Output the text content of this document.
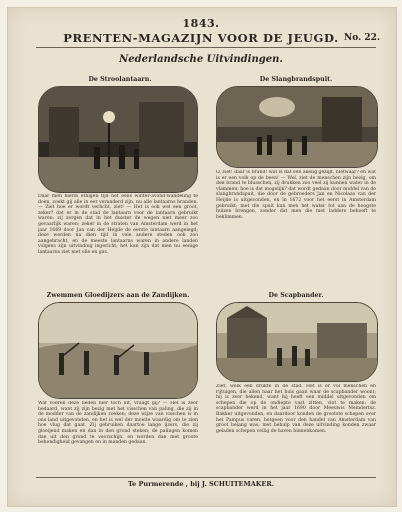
1843.
PRENTEN-MAGAZIJN VOOR DE JEUGD. No. 22.
Nederlandsche Uitvindingen.
De Stroolantaarn.
Daar men hierin etnigen tijd het eens winter-avond-wandeling te doen, zoekt gij alle in eer veranderd zijn, nu alle lantaarns branden. — Ziet hoe er wordt verlicht, ziet! — Het is ook wel een groot, zeker? dat er in de stad de lantaarn voor de lantaarn gebruikt waren: zij zorgen dat in het duister de wegen niet meer zoo gevaarlijk waren; zeker in de straten van Amsterdam werd in het jaar 1669 door Jan van der Heijde de eerste lantaarn aangelegd; deze werden na dien tijd in vele andere steden ook zoo aangebracht, en de meeste lantaarns waren in andere landen volgens zijn uitvinding ingericht; het kan zijn dat men nu eenige lantaarns ziet met olie en gas.
De Slangbrandspuit.
O, ziet! daar is brand! wat is dat een akelig gezigt, nietwaar? en wat is er een volk op de been! — Wel, ziet de menschen zijn bezig, om den brand te blusschen, zij drukken zoo veel zij kunnen water in de vlammen; hoe is dat mogelijk? dat wordt gedaan door middel van de slangbrandspuit, die door de gebroeders Jan en Nicolaas van der Heijde is uitgevonden, en in 1672 voor het eerst in Amsterdam gebruikt; met die spuit kan men het water tot aan de hoogste huizen brengen, zonder dat men die met ladders behoeft te beklimmen.
Zwemmen Gloedijzers aan de Zandijken.
Wat voeren deze lieden hier toch uit, vraagt gij? — Het is zeer bedaard, want zij zijn bezig met het visschen van paling, die zij in de modder van de zandijken zoeken; deze wijze van visschen is in ons land uitgevonden, en het is wel der moeite waardig om te zien hoe vlug dat gaat. Zij gebruiken daartoe lange ijzers, die zij gloeijend maken en dan in den grond steken; de palingen komen dan uit den grond te voorschijn, en worden dan met groote behendigheid gevangen en in manden gedaan.
De Scapbander.
Ziet, welk een drukte in de stad. Het is er vol menschen en rijtuigen, die allen naar het huis gaan waar de scapbander woont; hij is zeer bekend, want hij heeft een middel uitgevonden om schepen die op de ondiepte vast zitten, vlot te maken: de scapbander werd in het jaar 1690 door Meeuwis Meindertsz. Bakker uitgevonden, en daardoor konden de grootste schepen over het Pampus varen, hetgeen voor den handel van Amsterdam van groot belang was; met behulp van deze uitvinding konden zwaar geladen schepen veilig de haven binnenkomen.
Te Purmerende , bij J. SCHUITEMAKER.
